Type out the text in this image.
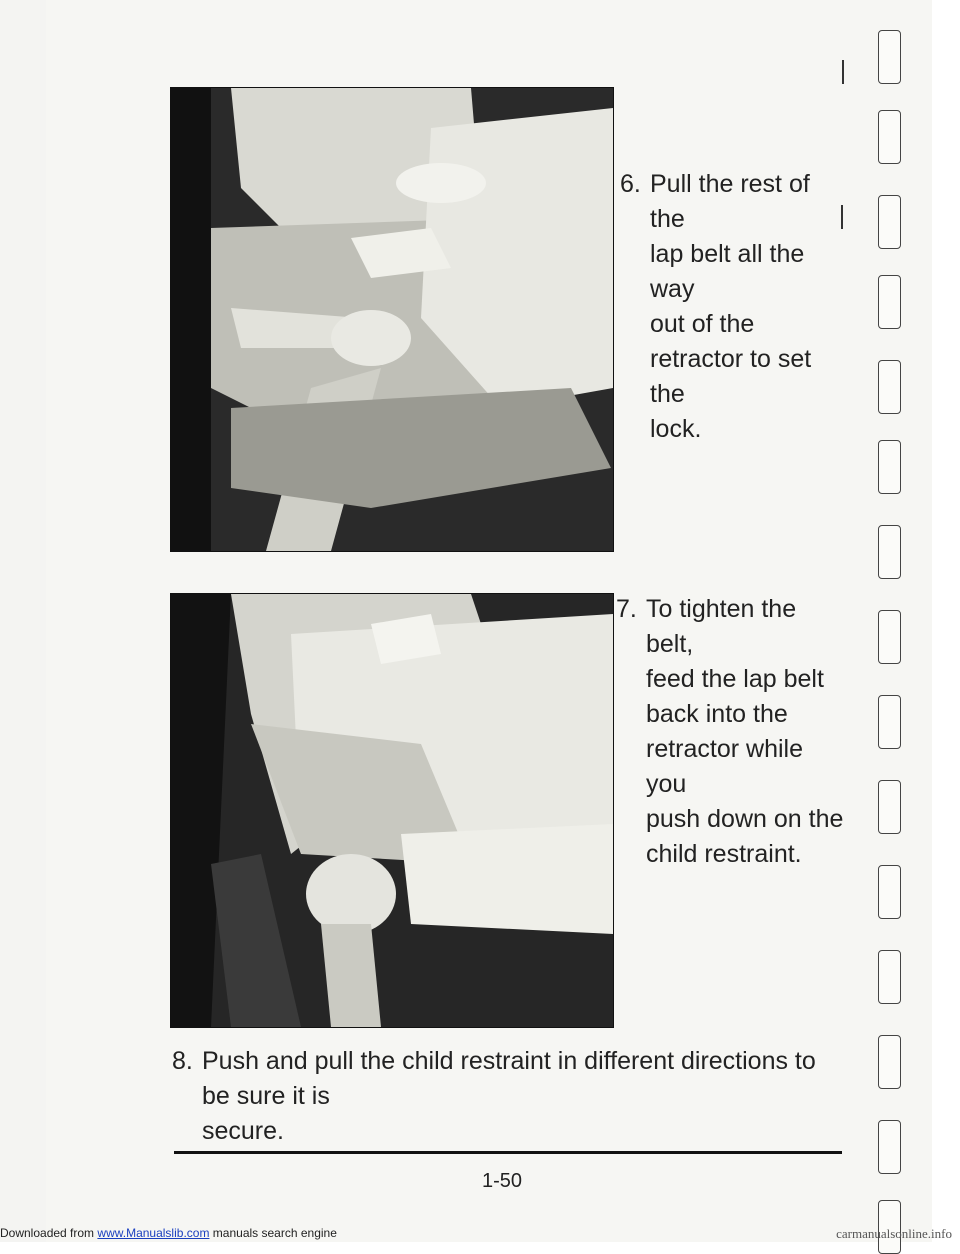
6. Pull the rest of the
lap belt all the way
out of the
retractor to set the
lock.
7. To tighten the belt,
feed the lap belt
back into the
retractor while you
push down on the
child restraint.
8. Push and pull the child restraint in different directions to be sure it is
secure.
1-50
Downloaded from www.Manualslib.com manuals search engine	carmanualsonline.info
